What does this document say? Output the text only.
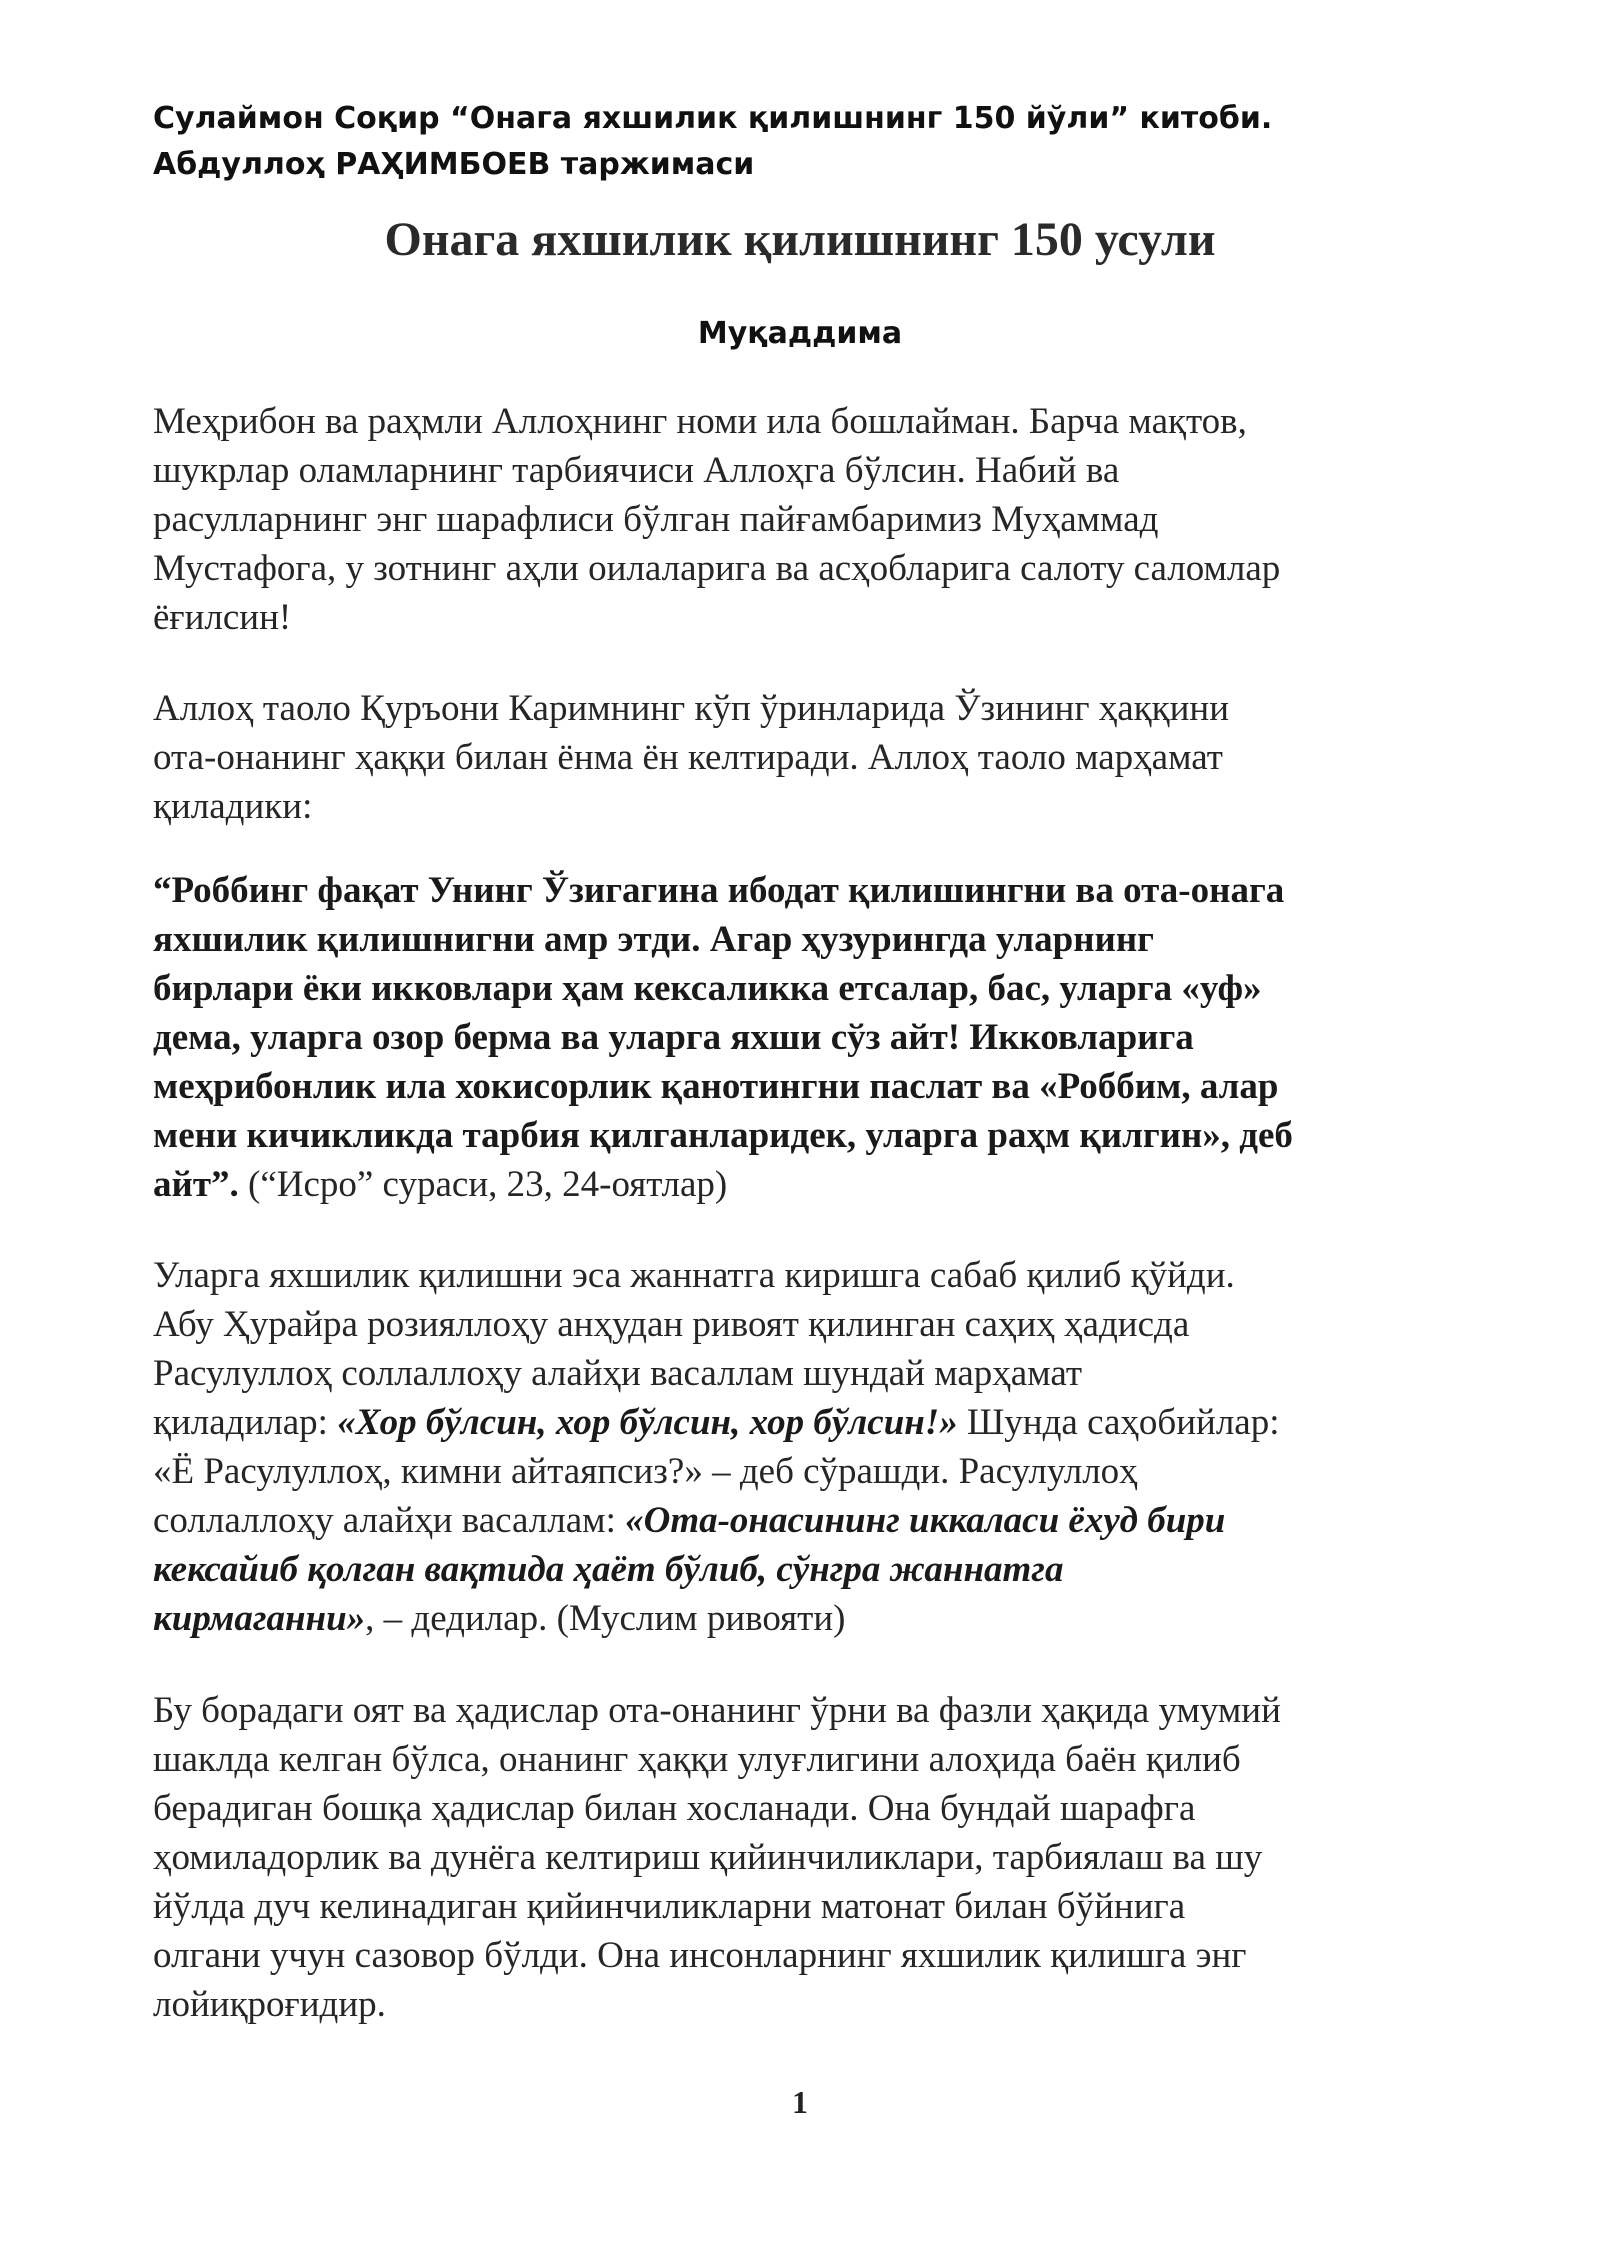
Сулаймон Соқир “Онага яхшилик қилишнинг 150 йўли” китоби.
Абдуллоҳ РАҲИМБОЕВ таржимаси
Онага яхшилик қилишнинг 150 усули
Муқаддима
Меҳрибон ва раҳмли Аллоҳнинг номи ила бошлайман. Барча мақтов,
шукрлар оламларнинг тарбиячиси Аллоҳга бўлсин. Набий ва
расулларнинг энг шарафлиси бўлган пайғамбаримиз Муҳаммад
Мустафога, у зотнинг аҳли оилаларига ва асҳобларига салоту саломлар
ёғилсин!
Аллоҳ таоло Қуръони Каримнинг кўп ўринларида Ўзининг ҳаққини
ота-онанинг ҳаққи билан ёнма ён келтиради. Аллоҳ таоло марҳамат
қиладики:
“Роббинг фақат Унинг Ўзигагина ибодат қилишингни ва ота-онага
яхшилик қилишнигни амр этди. Агар ҳузурингда уларнинг
бирлари ёки икковлари ҳам кексаликка етсалар, бас, уларга «уф»
дема, уларга озор берма ва уларга яхши сўз айт! Икковларига
меҳрибонлик ила хокисорлик қанотингни паслат ва «Роббим, алар
мени кичикликда тарбия қилганларидек, уларга раҳм қилгин», деб
айт”. (“Исро” сураси, 23, 24-оятлар)
Уларга яхшилик қилишни эса жаннатга киришга сабаб қилиб қўйди.
Абу Ҳурайра розияллоҳу анҳудан ривоят қилинган саҳиҳ ҳадисда
Расулуллоҳ соллаллоҳу алайҳи васаллам шундай марҳамат
қиладилар: «Хор бўлсин, хор бўлсин, хор бўлсин!» Шунда саҳобийлар:
«Ё Расулуллоҳ, кимни айтаяпсиз?» – деб сўрашди. Расулуллоҳ
соллаллоҳу алайҳи васаллам: «Ота-онасининг иккаласи ёхуд бири
кексайиб қолган вақтида ҳаёт бўлиб, сўнгра жаннатга
кирмаганни», – дедилар. (Муслим ривояти)
Бу борадаги оят ва ҳадислар ота-онанинг ўрни ва фазли ҳақида умумий
шаклда келган бўлса, онанинг ҳаққи улуғлигини алоҳида баён қилиб
берадиган бошқа ҳадислар билан хосланади. Она бундай шарафга
ҳомиладорлик ва дунёга келтириш қийинчиликлари, тарбиялаш ва шу
йўлда дуч келинадиган қийинчиликларни матонат билан бўйнига
олгани учун сазовор бўлди. Она инсонларнинг яхшилик қилишга энг
лойиқроғидир.
1
